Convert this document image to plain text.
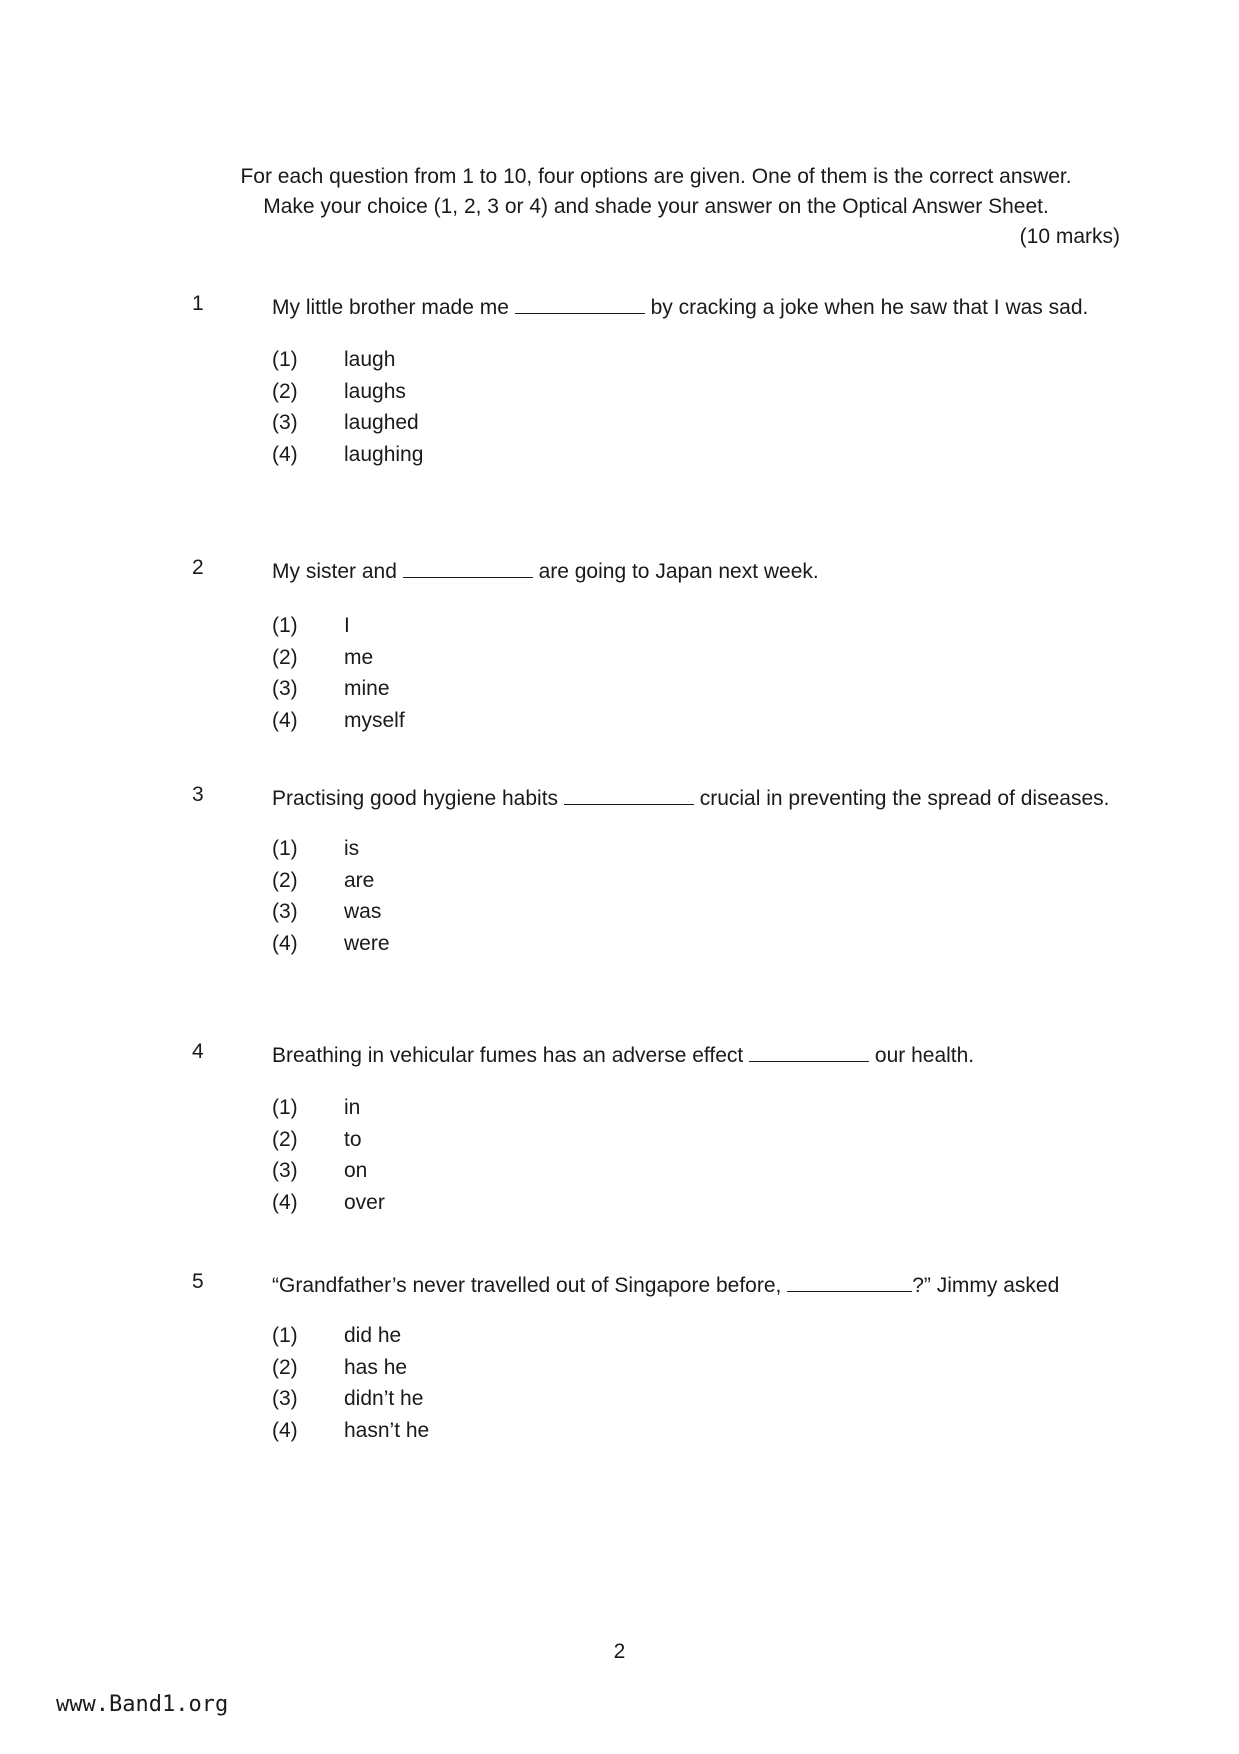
For each question from 1 to 10, four options are given. One of them is the correct answer.
Make your choice (1, 2, 3 or 4) and shade your answer on the Optical Answer Sheet.
(10 marks)
1	My little brother made me	by cracking a joke when he saw that I was sad.
(1)	laugh
(2)	laughs
(3)	laughed
(4)	laughing
2	My sister and	are going to Japan next week.
(1)	I
(2)	me
(3)	mine
(4)	myself
3	Practising good hygiene habits	crucial in preventing the spread of diseases.
(1)	is
(2)	are
(3)	was
(4)	were
4	Breathing in vehicular fumes has an adverse effect	our health.
(1)	in
(2)	to
(3)	on
(4)	over
5	“Grandfather’s never travelled out of Singapore before,	?” Jimmy asked
(1)	did he
(2)	has he
(3)	didn’t he
(4)	hasn’t he
2
www.Band1.org
